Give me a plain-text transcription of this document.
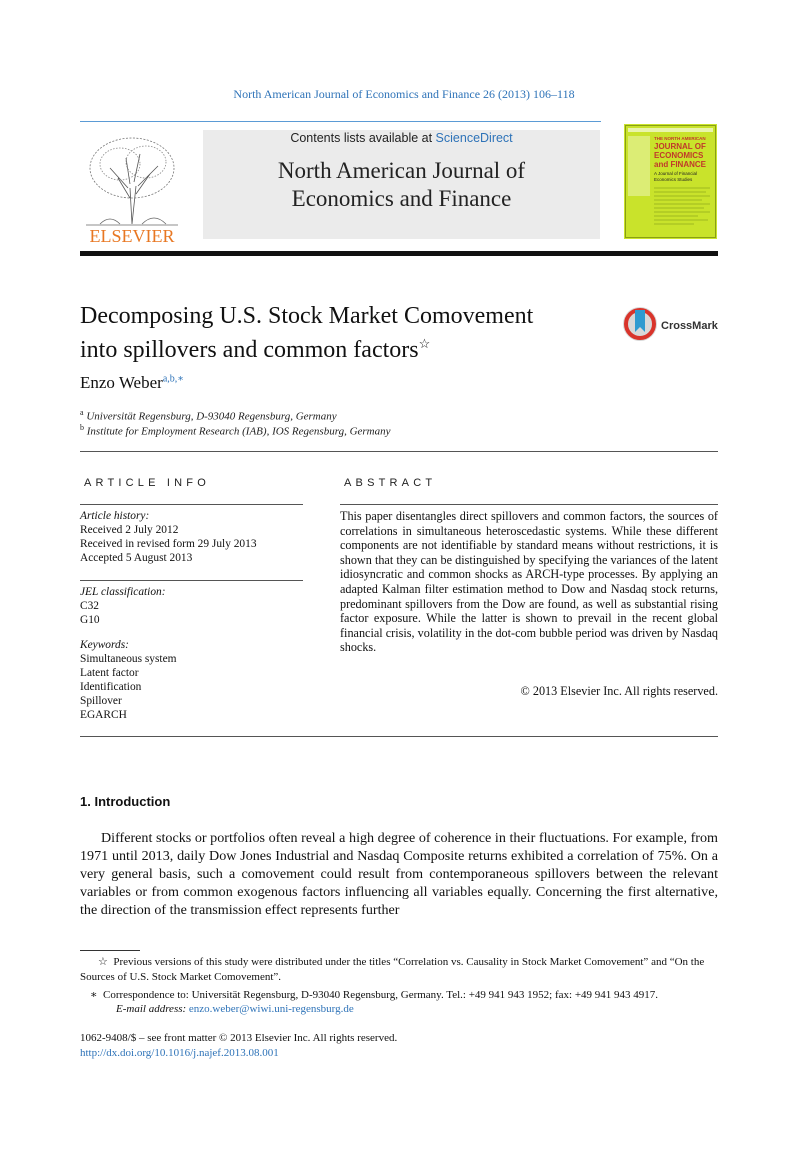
North American Journal of Economics and Finance 26 (2013) 106–118
ELSEVIER
Contents lists available at ScienceDirect
North American Journal of
Economics and Finance
THE NORTH AMERICAN
JOURNAL OF
ECONOMICS
and FINANCE
A Journal of Financial
Economics Studies
Decomposing U.S. Stock Market Comovement
into spillovers and common factors☆
CrossMark
Enzo Weber$^{a,b,∗}$
$^a$ Universität Regensburg, D-93040 Regensburg, Germany
$^b$ Institute for Employment Research (IAB), IOS Regensburg, Germany
ARTICLE INFO
Article history:
Received 2 July 2012
Received in revised form 29 July 2013
Accepted 5 August 2013
JEL classification:
C32
G10
Keywords:
Simultaneous system
Latent factor
Identification
Spillover
EGARCH
ABSTRACT
This paper disentangles direct spillovers and common factors, the sources of correlations in simultaneous heteroscedastic systems. While these different components are not identifiable by standard means without restrictions, it is shown that they can be distinguished by specifying the variances of the latent idiosyncratic and common shocks as ARCH-type processes. By applying an adapted Kalman filter estimation method to Dow and Nasdaq stock returns, predominant spillovers from the Dow are found, as well as substantial rising factor exposure. While the latter is shown to prevail in the recent global financial crisis, volatility in the dot-com bubble period was driven by Nasdaq shocks.
© 2013 Elsevier Inc. All rights reserved.
1. Introduction
Different stocks or portfolios often reveal a high degree of coherence in their fluctuations. For example, from 1971 until 2013, daily Dow Jones Industrial and Nasdaq Composite returns exhibited a correlation of 75%. On a very general basis, such a comovement could result from contemporaneous spillovers between the relevant variables or from common exogenous factors influencing all variables equally. Concerning the first alternative, the direction of the transmission effect represents further
☆ Previous versions of this study were distributed under the titles “Correlation vs. Causality in Stock Market Comovement” and “On the Sources of U.S. Stock Market Comovement”.
∗ Correspondence to: Universität Regensburg, D-93040 Regensburg, Germany. Tel.: +49 941 943 1952; fax: +49 941 943 4917.
E-mail address: enzo.weber@wiwi.uni-regensburg.de
1062-9408/$ – see front matter © 2013 Elsevier Inc. All rights reserved.
http://dx.doi.org/10.1016/j.najef.2013.08.001
